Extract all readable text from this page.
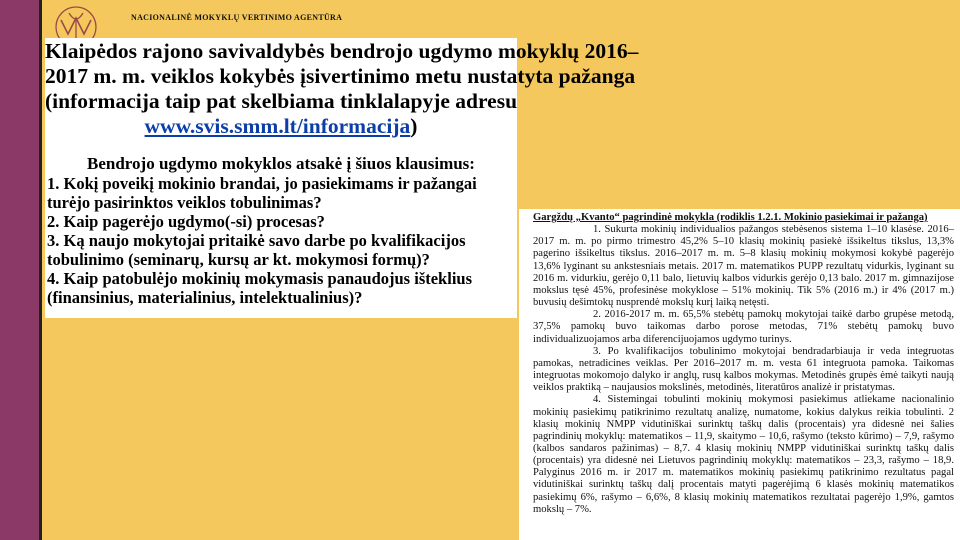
NACIONALINĖ MOKYKLŲ VERTINIMO AGENTŪRA
Klaipėdos rajono savivaldybės bendrojo ugdymo mokyklų 2016–
2017 m. m. veiklos kokybės įsivertinimo metu nustatyta pažanga
(informacija taip pat skelbiama tinklalapyje adresu
www.svis.smm.lt/informacija)
Bendrojo ugdymo mokyklos atsakė į šiuos klausimus:
1. Kokį poveikį mokinio brandai, jo pasiekimams ir pažangai turėjo pasirinktos veiklos tobulinimas?
2. Kaip pagerėjo ugdymo(-si) procesas?
3. Ką naujo mokytojai pritaikė savo darbe po kvalifikacijos tobulinimo (seminarų, kursų ar kt. mokymosi formų)?
4. Kaip patobulėjo mokinių mokymasis panaudojus išteklius (finansinius, materialinius, intelektualinius)?
Gargždų „Kvanto“ pagrindinė mokykla (rodiklis 1.2.1. Mokinio pasiekimai ir pažanga)
1. Sukurta mokinių individualios pažangos stebėsenos sistema 1–10 klasėse. 2016–2017 m. m. po pirmo trimestro 45,2% 5–10 klasių mokinių pasiekė išsikeltus tikslus, 13,3% pagerino išsikeltus tikslus. 2016–2017 m. m. 5–8 klasių mokinių mokymosi kokybė pagerėjo 13,6% lyginant su ankstesniais metais. 2017 m. matematikos PUPP rezultatų vidurkis, lyginant su 2016 m. vidurkiu, gerėjo 0,11 balo, lietuvių kalbos vidurkis gerėjo 0,13 balo. 2017 m. gimnazijose mokslus tęsė 45%, profesinėse mokyklose – 51% mokinių. Tik 5% (2016 m.) ir 4% (2017 m.) buvusių dešimtokų nusprendė mokslų kurį laiką netęsti.
2. 2016-2017 m. m. 65,5% stebėtų pamokų mokytojai taikė darbo grupėse metodą, 37,5% pamokų buvo taikomas darbo porose metodas, 71% stebėtų pamokų buvo individualizuojamos arba diferencijuojamos ugdymo turinys.
3. Po kvalifikacijos tobulinimo mokytojai bendradarbiauja ir veda integruotas pamokas, netradicines veiklas. Per 2016–2017 m. m. vesta 61 integruota pamoka. Taikomas integruotas mokomojo dalyko ir anglų, rusų kalbos mokymas. Metodinės grupės ėmė taikyti naują veiklos praktiką – naujausios mokslinės, metodinės, literatūros analizė ir pristatymas.
4. Sistemingai tobulinti mokinių mokymosi pasiekimus atliekame nacionalinio mokinių pasiekimų patikrinimo rezultatų analizę, numatome, kokius dalykus reikia tobulinti. 2 klasių mokinių NMPP vidutiniškai surinktų taškų dalis (procentais) yra didesnė nei šalies pagrindinių mokyklų: matematikos – 11,9, skaitymo – 10,6, rašymo (teksto kūrimo) – 7,9, rašymo (kalbos sandaros pažinimas) – 8,7. 4 klasių mokinių NMPP vidutiniškai surinktų taškų dalis (procentais) yra didesnė nei Lietuvos pagrindinių mokyklų: matematikos – 23,3, rašymo – 18,9. Palyginus 2016 m. ir 2017 m. matematikos mokinių pasiekimų patikrinimo rezultatus pagal vidutiniškai surinktų taškų dalį procentais matyti pagerėjimą 6 klasės mokinių matematikos pasiekimų 6%, rašymo – 6,6%, 8 klasių mokinių matematikos rezultatai pagerėjo 1,9%, gamtos mokslų – 7%.
